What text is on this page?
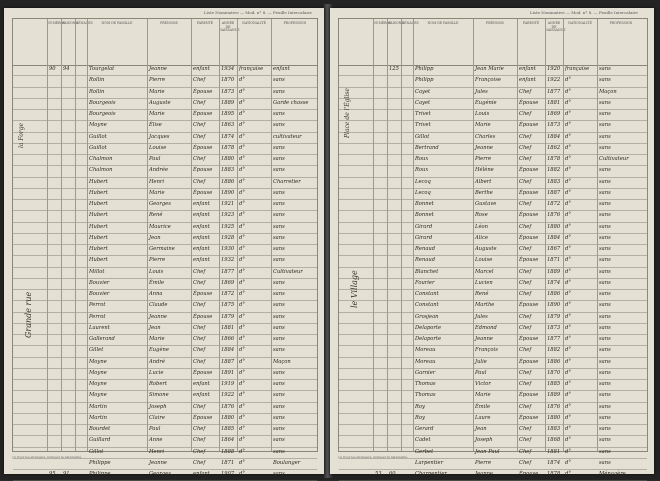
Liste Nominative — Mod. n° 8. — Feuille Intercalaire
NUMÉROS
MAISONS
MÉNAGES	NOM DE FAMILLE	PRÉNOMS	PARENTÉ	ANNÉE DE NAISSANCE
NATIONALITÉ	PROFESSION
90 94	Tourgelat	Jeanne	enfant 1934 française enfant
Rollin	Pierre	Chef	1870 d°	sans
Rollin	Marie	Épouse 1873 d°	sans
Bourgeois	Auguste	Chef	1889 d°	Garde chasse
Bourgeois	Marie	Épouse 1895 d°	sans
Moyne	Élise	Chef	1863 d°	sans
Guillot	Jacques	Chef	1874 d°	cultivateur
Guillot	Louise	Épouse 1878 d°	sans
Chalmon	Paul	Chef	1880 d°	sans
Chalmon	Andrée	Épouse 1883 d°	sans
Hubert	Henri	Chef	1886 d°	Charretier
Hubert	Marie	Épouse 1890 d°	sans
Hubert	Georges	enfant 1921 d°	sans
Hubert	René	enfant 1923 d°	sans
Hubert	Maurice	enfant 1925 d°	sans
Hubert	Jean	enfant 1928 d°	sans
Hubert	Germaine	enfant 1930 d°	sans
Hubert	Pierre	enfant 1932 d°	sans
Millot	Louis	Chef	1877 d°	Cultivateur
Bouvier	Émile	Chef	1869 d°	sans
Bouvier	Anna	Épouse 1872 d°	sans
Perrot	Claude	Chef	1875 d°	sans
Perrot	Jeanne	Épouse 1879 d°	sans
Laurent	Jean	Chef	1881 d°	sans
Gallerand	Marie	Chef	1866 d°	sans
Gillet	Eugène	Chef	1884 d°	sans
Moyne	André	Chef	1887 d°	Maçon
Moyne	Lucie	Épouse 1891 d°	sans
Moyne	Robert	enfant 1919 d°	sans
Moyne	Simone	enfant 1922 d°	sans
Martin	Joseph	Chef	1876 d°	sans
Martin	Claire	Épouse 1880 d°	sans
Bourdet	Paul	Chef	1885 d°	sans
Guillard	Anne	Chef	1864 d°	sans
Gillot	Henri	Chef	1888 d°	sans
Philippe	Jeanne	Chef	1871 d°	Boulanger
95 91	Philippe	Georges	enfant 1907 d°	sans
la Forge
Grande rue
(1) Pour les étrangers, indiquer la nationalité.
Liste Nominative — Mod. n° 8. — Feuille Intercalaire
NUMÉROS
MAISONS
MÉNAGES	NOM DE FAMILLE	PRÉNOMS	PARENTÉ	ANNÉE DE NAISSANCE
NATIONALITÉ	PROFESSION
125	Philipp	Jean Marie	enfant 1920 française sans
Philipp	Françoise	enfant 1922 d°	sans
Cayet	Jules	Chef	1877 d°	Maçon
Cayet	Eugénie	Épouse 1881 d°	sans
Trivet	Louis	Chef	1869 d°	sans
Trivet	Marie	Épouse 1873 d°	sans
Gillot	Charles	Chef	1884 d°	sans
Bertrand	Jeanne	Chef	1862 d°	sans
Roux	Pierre	Chef	1878 d°	Cultivateur
Roux	Hélène	Épouse 1882 d°	sans
Lecoq	Albert	Chef	1883 d°	sans
Lecoq	Berthe	Épouse 1887 d°	sans
Bonnet	Gustave	Chef	1872 d°	sans
Bonnet	Rose	Épouse 1876 d°	sans
Girard	Léon	Chef	1880 d°	sans
Girard	Alice	Épouse 1884 d°	sans
Renaud	Auguste	Chef	1867 d°	sans
Renaud	Louise	Épouse 1871 d°	sans
Blanchet	Marcel	Chef	1889 d°	sans
Fourier	Lucien	Chef	1874 d°	sans
Constant	René	Chef	1886 d°	sans
Constant	Marthe	Épouse 1890 d°	sans
Grosjean	Jules	Chef	1879 d°	sans
Delaporte	Edmond	Chef	1873 d°	sans
Delaporte	Jeanne	Épouse 1877 d°	sans
Moreau	François	Chef	1882 d°	sans
Moreau	Julie	Épouse 1886 d°	sans
Garnier	Paul	Chef	1870 d°	sans
Thomas	Victor	Chef	1885 d°	sans
Thomas	Marie	Épouse 1889 d°	sans
Roy	Émile	Chef	1876 d°	sans
Roy	Laure	Épouse 1880 d°	sans
Gerard	Jean	Chef	1883 d°	sans
Cadet	Joseph	Chef	1868 d°	sans
Gerbet	Jean Paul	Chef	1881 d°	sans
Larpentier	Pierre	Chef	1874 d°	sans
53 60	Charpentier	Jeanne	Épouse 1878 d°	Ménagère
Place de l'Église
le Village
(1) Pour les étrangers, indiquer la nationalité.
